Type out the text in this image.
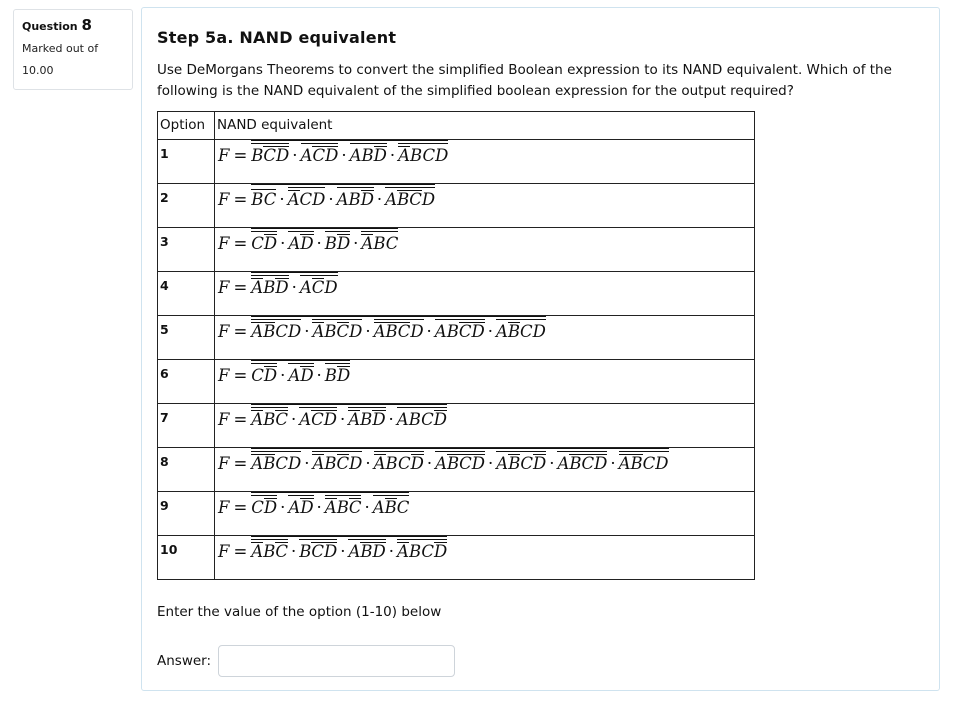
Question 8
Marked out of
10.00
Step 5a. NAND equivalent
Use DeMorgans Theorems to convert the simplified Boolean expression to its NAND equivalent. Which of the following is the NAND equivalent of the simplified boolean expression for the output required?
Option	NAND equivalent
1	F = BCD · ACD · ABD · ABCD
2	F = BC · ACD · ABD · ABCD
3	F = CD · AD · BD · ABC
4	F = ABD · ACD
5	F = ABCD · ABCD · ABCD · ABCD · ABCD
6	F = CD · AD · BD
7	F = ABC · ACD · ABD · ABCD
8	F = ABCD · ABCD · ABCD · ABCD · ABCD · ABCD · ABCD
9	F = CD · AD · ABC · ABC
10	F = ABC · BCD · ABD · ABCD
Enter the value of the option (1-10) below
Answer:
